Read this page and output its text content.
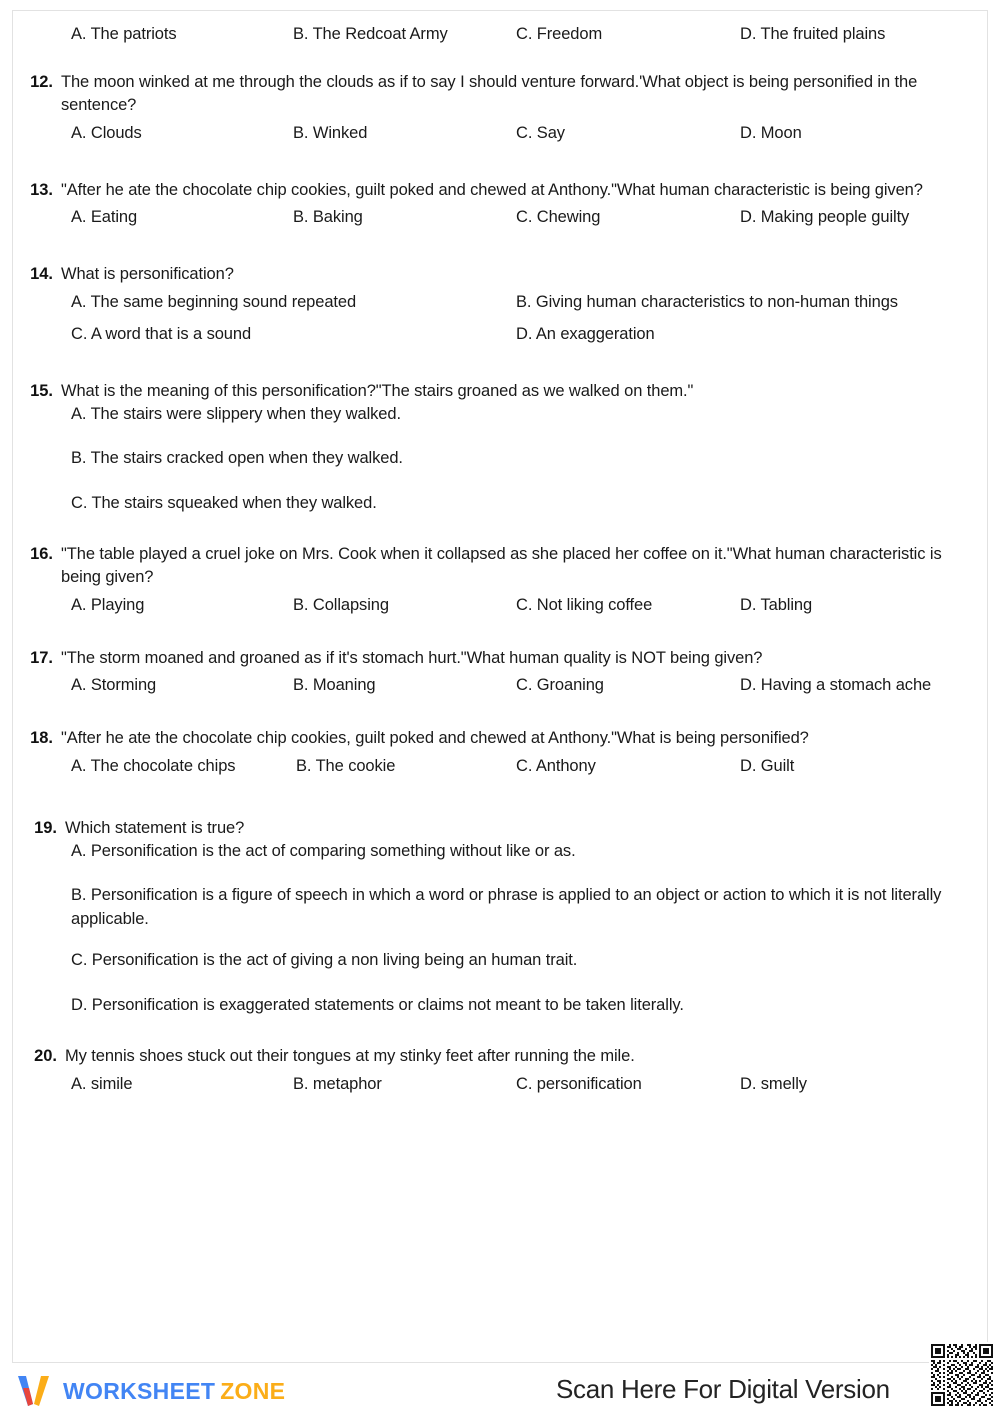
A. The patriots	B. The Redcoat Army	C. Freedom	D. The fruited plains
12. The moon winked at me through the clouds as if to say I should venture forward.'What object is being personified in the sentence?
A. Clouds	B. Winked	C. Say	D. Moon
13. "After he ate the chocolate chip cookies, guilt poked and chewed at Anthony."What human characteristic is being given?
A. Eating	B. Baking	C. Chewing	D. Making people guilty
14. What is personification?
A. The same beginning sound repeated	B. Giving human characteristics to non-human things
C. A word that is a sound	D. An exaggeration
15. What is the meaning of this personification?"The stairs groaned as we walked on them."
A. The stairs were slippery when they walked.
B. The stairs cracked open when they walked.
C. The stairs squeaked when they walked.
16. "The table played a cruel joke on Mrs. Cook when it collapsed as she placed her coffee on it."What human characteristic is being given?
A. Playing	B. Collapsing	C. Not liking coffee	D. Tabling
17. "The storm moaned and groaned as if it's stomach hurt."What human quality is NOT being given?
A. Storming	B. Moaning	C. Groaning	D. Having a stomach ache
18. "After he ate the chocolate chip cookies, guilt poked and chewed at Anthony."What is being personified?
A. The chocolate chips	B. The cookie	C. Anthony	D. Guilt
19. Which statement is true?
A. Personification is the act of comparing something without like or as.
B. Personification is a figure of speech in which a word or phrase is applied to an object or action to which it is not literally applicable.
C. Personification is the act of giving a non living being an human trait.
D. Personification is exaggerated statements or claims not meant to be taken literally.
20. My tennis shoes stuck out their tongues at my stinky feet after running the mile.
A. simile	B. metaphor	C. personification	D. smelly
WORKSHEET ZONE	Scan Here For Digital Version
